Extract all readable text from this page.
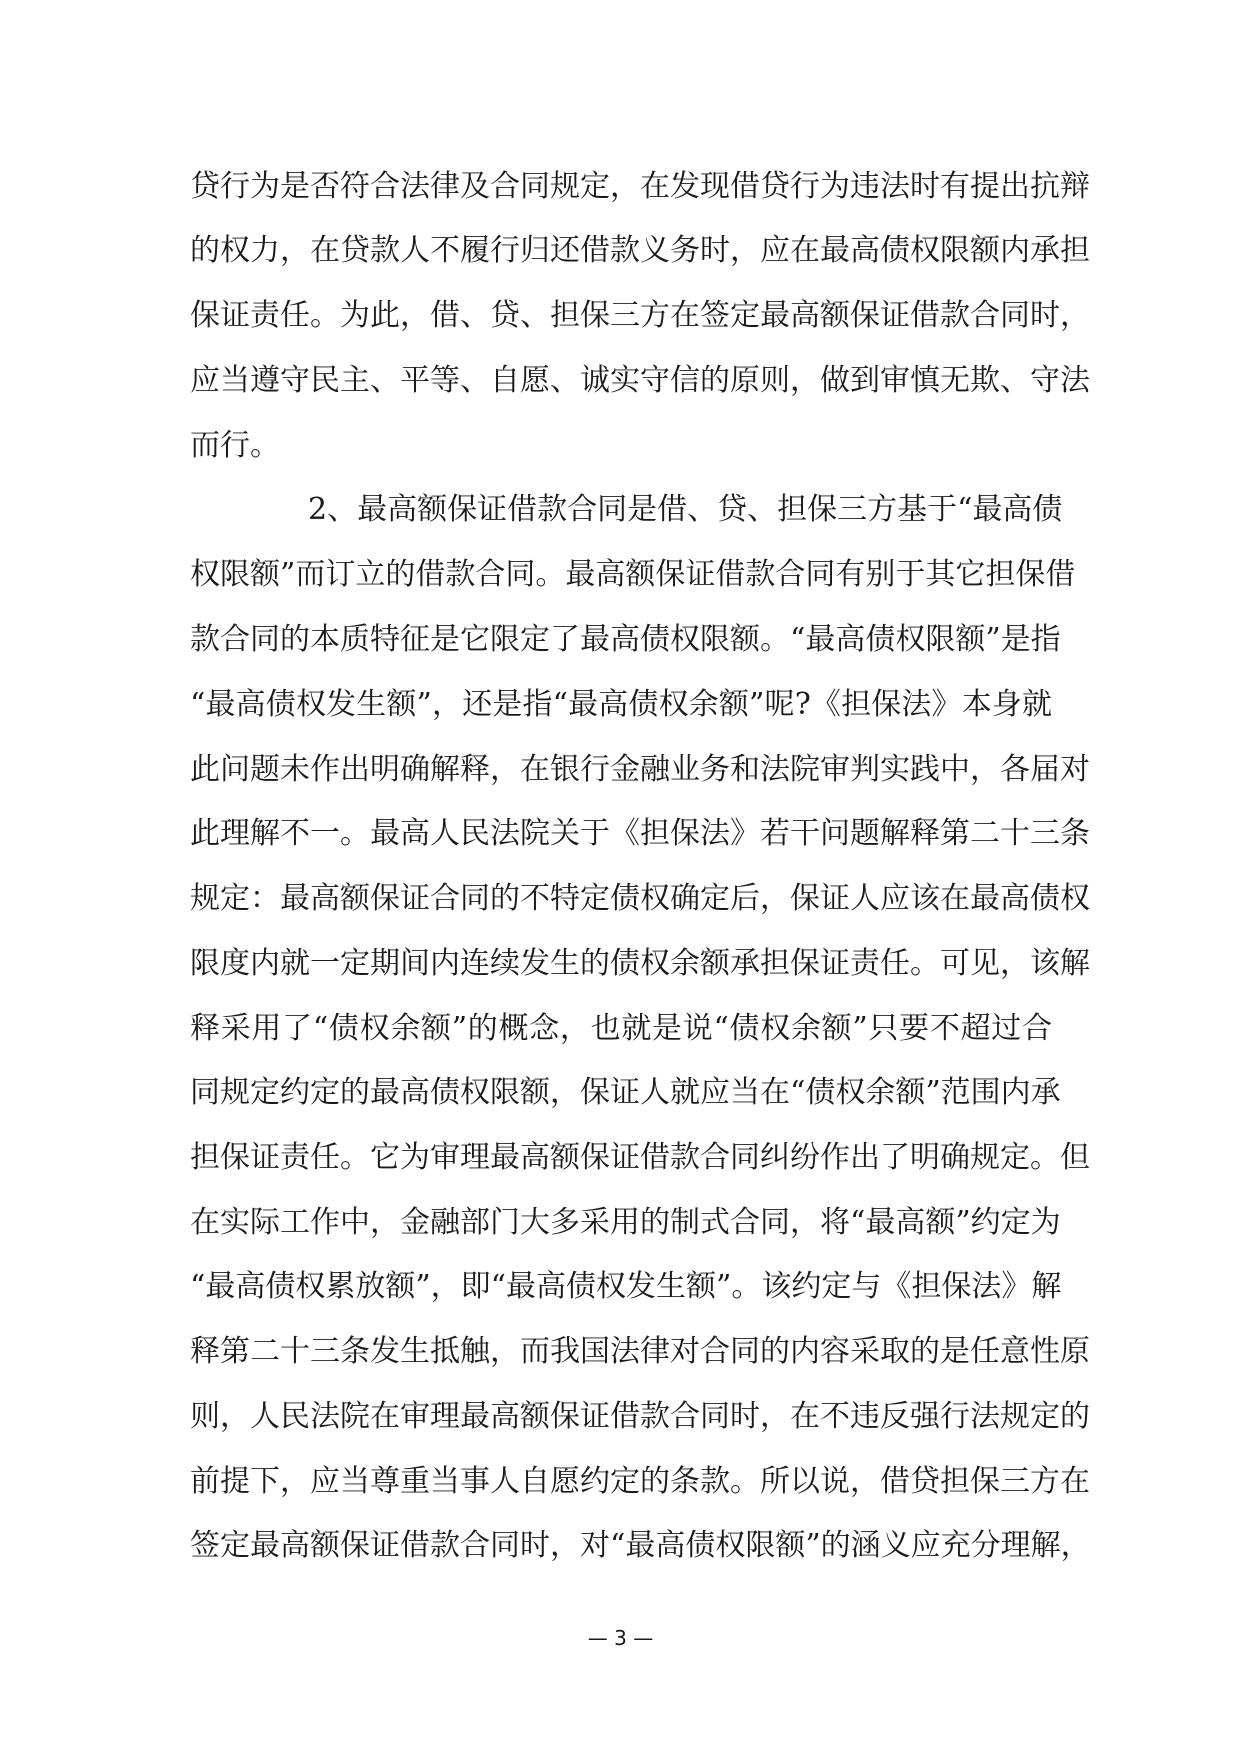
贷行为是否符合法律及合同规定，在发现借贷行为违法时有提出抗辩
的权力，在贷款人不履行归还借款义务时，应在最高债权限额内承担
保证责任。为此，借、贷、担保三方在签定最高额保证借款合同时，
应当遵守民主、平等、自愿、诚实守信的原则，做到审慎无欺、守法
而行。
2、最高额保证借款合同是借、贷、担保三方基于“最高债
权限额”而订立的借款合同。最高额保证借款合同有别于其它担保借
款合同的本质特征是它限定了最高债权限额。“最高债权限额”是指
“最高债权发生额”，还是指“最高债权余额”呢?《担保法》本身就
此问题未作出明确解释，在银行金融业务和法院审判实践中，各届对
此理解不一。最高人民法院关于《担保法》若干问题解释第二十三条
规定：最高额保证合同的不特定债权确定后，保证人应该在最高债权
限度内就一定期间内连续发生的债权余额承担保证责任。可见，该解
释采用了“债权余额”的概念，也就是说“债权余额”只要不超过合
同规定约定的最高债权限额，保证人就应当在“债权余额”范围内承
担保证责任。它为审理最高额保证借款合同纠纷作出了明确规定。但
在实际工作中，金融部门大多采用的制式合同，将“最高额”约定为
“最高债权累放额”，即“最高债权发生额”。该约定与《担保法》解
释第二十三条发生抵触，而我国法律对合同的内容采取的是任意性原
则，人民法院在审理最高额保证借款合同时，在不违反强行法规定的
前提下，应当尊重当事人自愿约定的条款。所以说，借贷担保三方在
签定最高额保证借款合同时，对“最高债权限额”的涵义应充分理解，
— 3 —
